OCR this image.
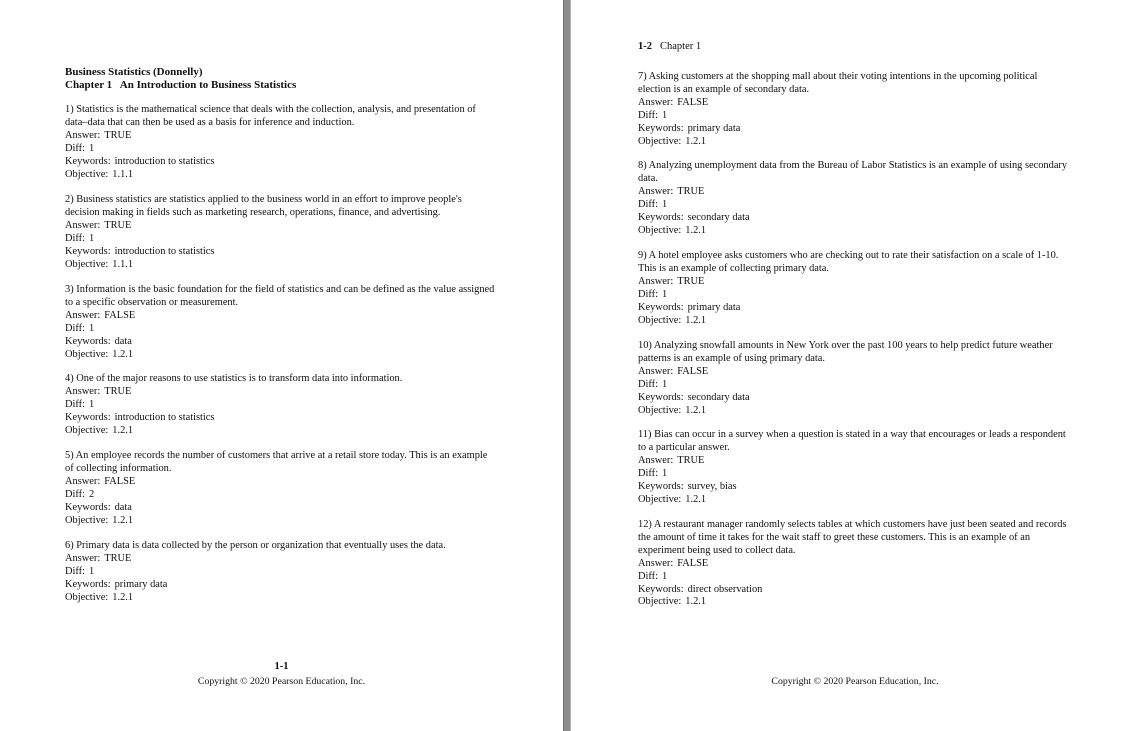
Business Statistics (Donnelly)
Chapter 1   An Introduction to Business Statistics
1) Statistics is the mathematical science that deals with the collection, analysis, and presentation of data–data that can then be used as a basis for inference and induction.
Answer: TRUE
Diff: 1
Keywords: introduction to statistics
Objective: 1.1.1
2) Business statistics are statistics applied to the business world in an effort to improve people's decision making in fields such as marketing research, operations, finance, and advertising.
Answer: TRUE
Diff: 1
Keywords: introduction to statistics
Objective: 1.1.1
3) Information is the basic foundation for the field of statistics and can be defined as the value assigned to a specific observation or measurement.
Answer: FALSE
Diff: 1
Keywords: data
Objective: 1.2.1
4) One of the major reasons to use statistics is to transform data into information.
Answer: TRUE
Diff: 1
Keywords: introduction to statistics
Objective: 1.2.1
5) An employee records the number of customers that arrive at a retail store today. This is an example of collecting information.
Answer: FALSE
Diff: 2
Keywords: data
Objective: 1.2.1
6) Primary data is data collected by the person or organization that eventually uses the data.
Answer: TRUE
Diff: 1
Keywords: primary data
Objective: 1.2.1
1-1
Copyright © 2020 Pearson Education, Inc.
1-2 Chapter 1
7) Asking customers at the shopping mall about their voting intentions in the upcoming political election is an example of secondary data.
Answer: FALSE
Diff: 1
Keywords: primary data
Objective: 1.2.1
8) Analyzing unemployment data from the Bureau of Labor Statistics is an example of using secondary data.
Answer: TRUE
Diff: 1
Keywords: secondary data
Objective: 1.2.1
9) A hotel employee asks customers who are checking out to rate their satisfaction on a scale of 1-10. This is an example of collecting primary data.
Answer: TRUE
Diff: 1
Keywords: primary data
Objective: 1.2.1
10) Analyzing snowfall amounts in New York over the past 100 years to help predict future weather patterns is an example of using primary data.
Answer: FALSE
Diff: 1
Keywords: secondary data
Objective: 1.2.1
11) Bias can occur in a survey when a question is stated in a way that encourages or leads a respondent to a particular answer.
Answer: TRUE
Diff: 1
Keywords: survey, bias
Objective: 1.2.1
12) A restaurant manager randomly selects tables at which customers have just been seated and records the amount of time it takes for the wait staff to greet these customers. This is an example of an experiment being used to collect data.
Answer: FALSE
Diff: 1
Keywords: direct observation
Objective: 1.2.1
Copyright © 2020 Pearson Education, Inc.
